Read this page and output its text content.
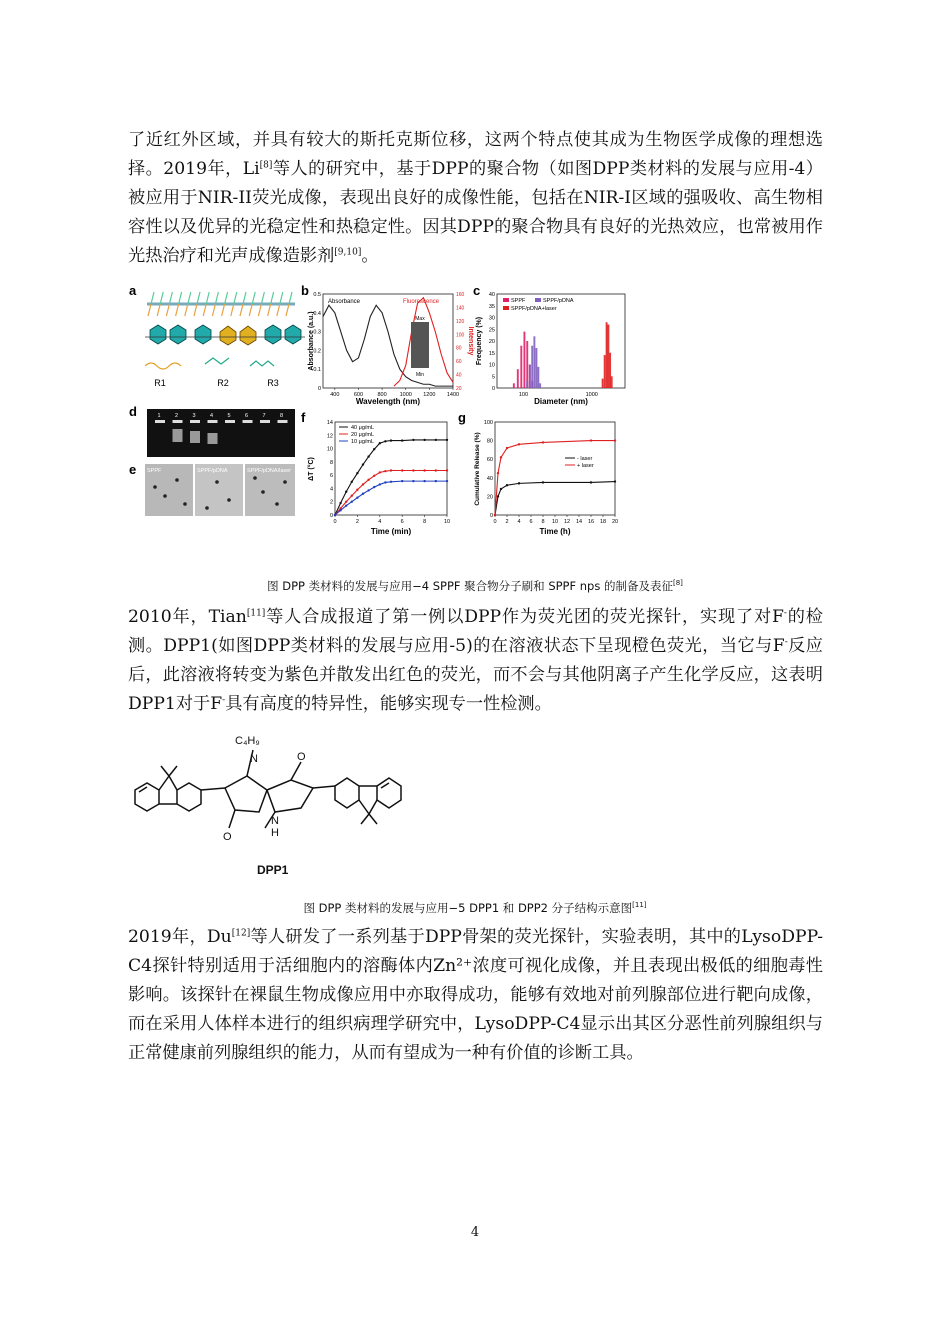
了近红外区域，并具有较大的斯托克斯位移，这两个特点使其成为生物医学成像的理想选择。2019年，Li[8]等人的研究中，基于DPP的聚合物（如图DPP类材料的发展与应用-4）被应用于NIR-II荧光成像，表现出良好的成像性能，包括在NIR-I区域的强吸收、高生物相容性以及优异的光稳定性和热稳定性。因其DPP的聚合物具有良好的光热效应，也常被用作光热治疗和光声成像造影剂[9,10]。

a
R1	R2	R3
b
400	600	800 1000 1200 1400
0
0.1
0.2
0.3
0.4
0.5
20
40
60
80
100
120
140
160
Absorbance	Fluorescence
Max
Min
Absorbance (a.u.)	Intensity
Wavelength (nm)
c
0
5
10
15
20
25
30
35
40
100	1000
SPPF	SPPF/pDNA
SPPF/pDNA+laser
Frequency (%)
Diameter (nm)
d	1	2	3	4	5	6	7	8
e SPPF	SPPF/pDNA	SPPF/pDNA/laser
f
0	2	4	6	8	10
0
2
4
6
8
10
12
14
40 μg/mL
20 μg/mL
10 μg/mL
ΔT (°C)
Time (min)
g
0 2 4 6 8 10 12 14 16 18 20
0
20
40
60
80
100
- laser
+ laser
Cumulative Release (%)
Time (h)
图 DPP 类材料的发展与应用−4 SPPF 聚合物分子刷和 SPPF nps 的制备及表征[8]

2010年，Tian[11]等人合成报道了第一例以DPP作为荧光团的荧光探针，实现了对F-的检测。DPP1(如图DPP类材料的发展与应用-5)的在溶液状态下呈现橙色荧光，当它与F-反应后，此溶液将转变为紫色并散发出红色的荧光，而不会与其他阴离子产生化学反应，这表明DPP1对于F-具有高度的特异性，能够实现专一性检测。

C₄H₉
N	O
O
N
H
DPP1
图 DPP 类材料的发展与应用−5 DPP1 和 DPP2 分子结构示意图[11]

2019年，Du[12]等人研发了一系列基于DPP骨架的荧光探针，实验表明，其中的LysoDPP-C4探针特别适用于活细胞内的溶酶体内Zn²⁺浓度可视化成像，并且表现出极低的细胞毒性影响。该探针在裸鼠生物成像应用中亦取得成功，能够有效地对前列腺部位进行靶向成像，而在采用人体样本进行的组织病理学研究中，LysoDPP-C4显示出其区分恶性前列腺组织与正常健康前列腺组织的能力，从而有望成为一种有价值的诊断工具。

4
